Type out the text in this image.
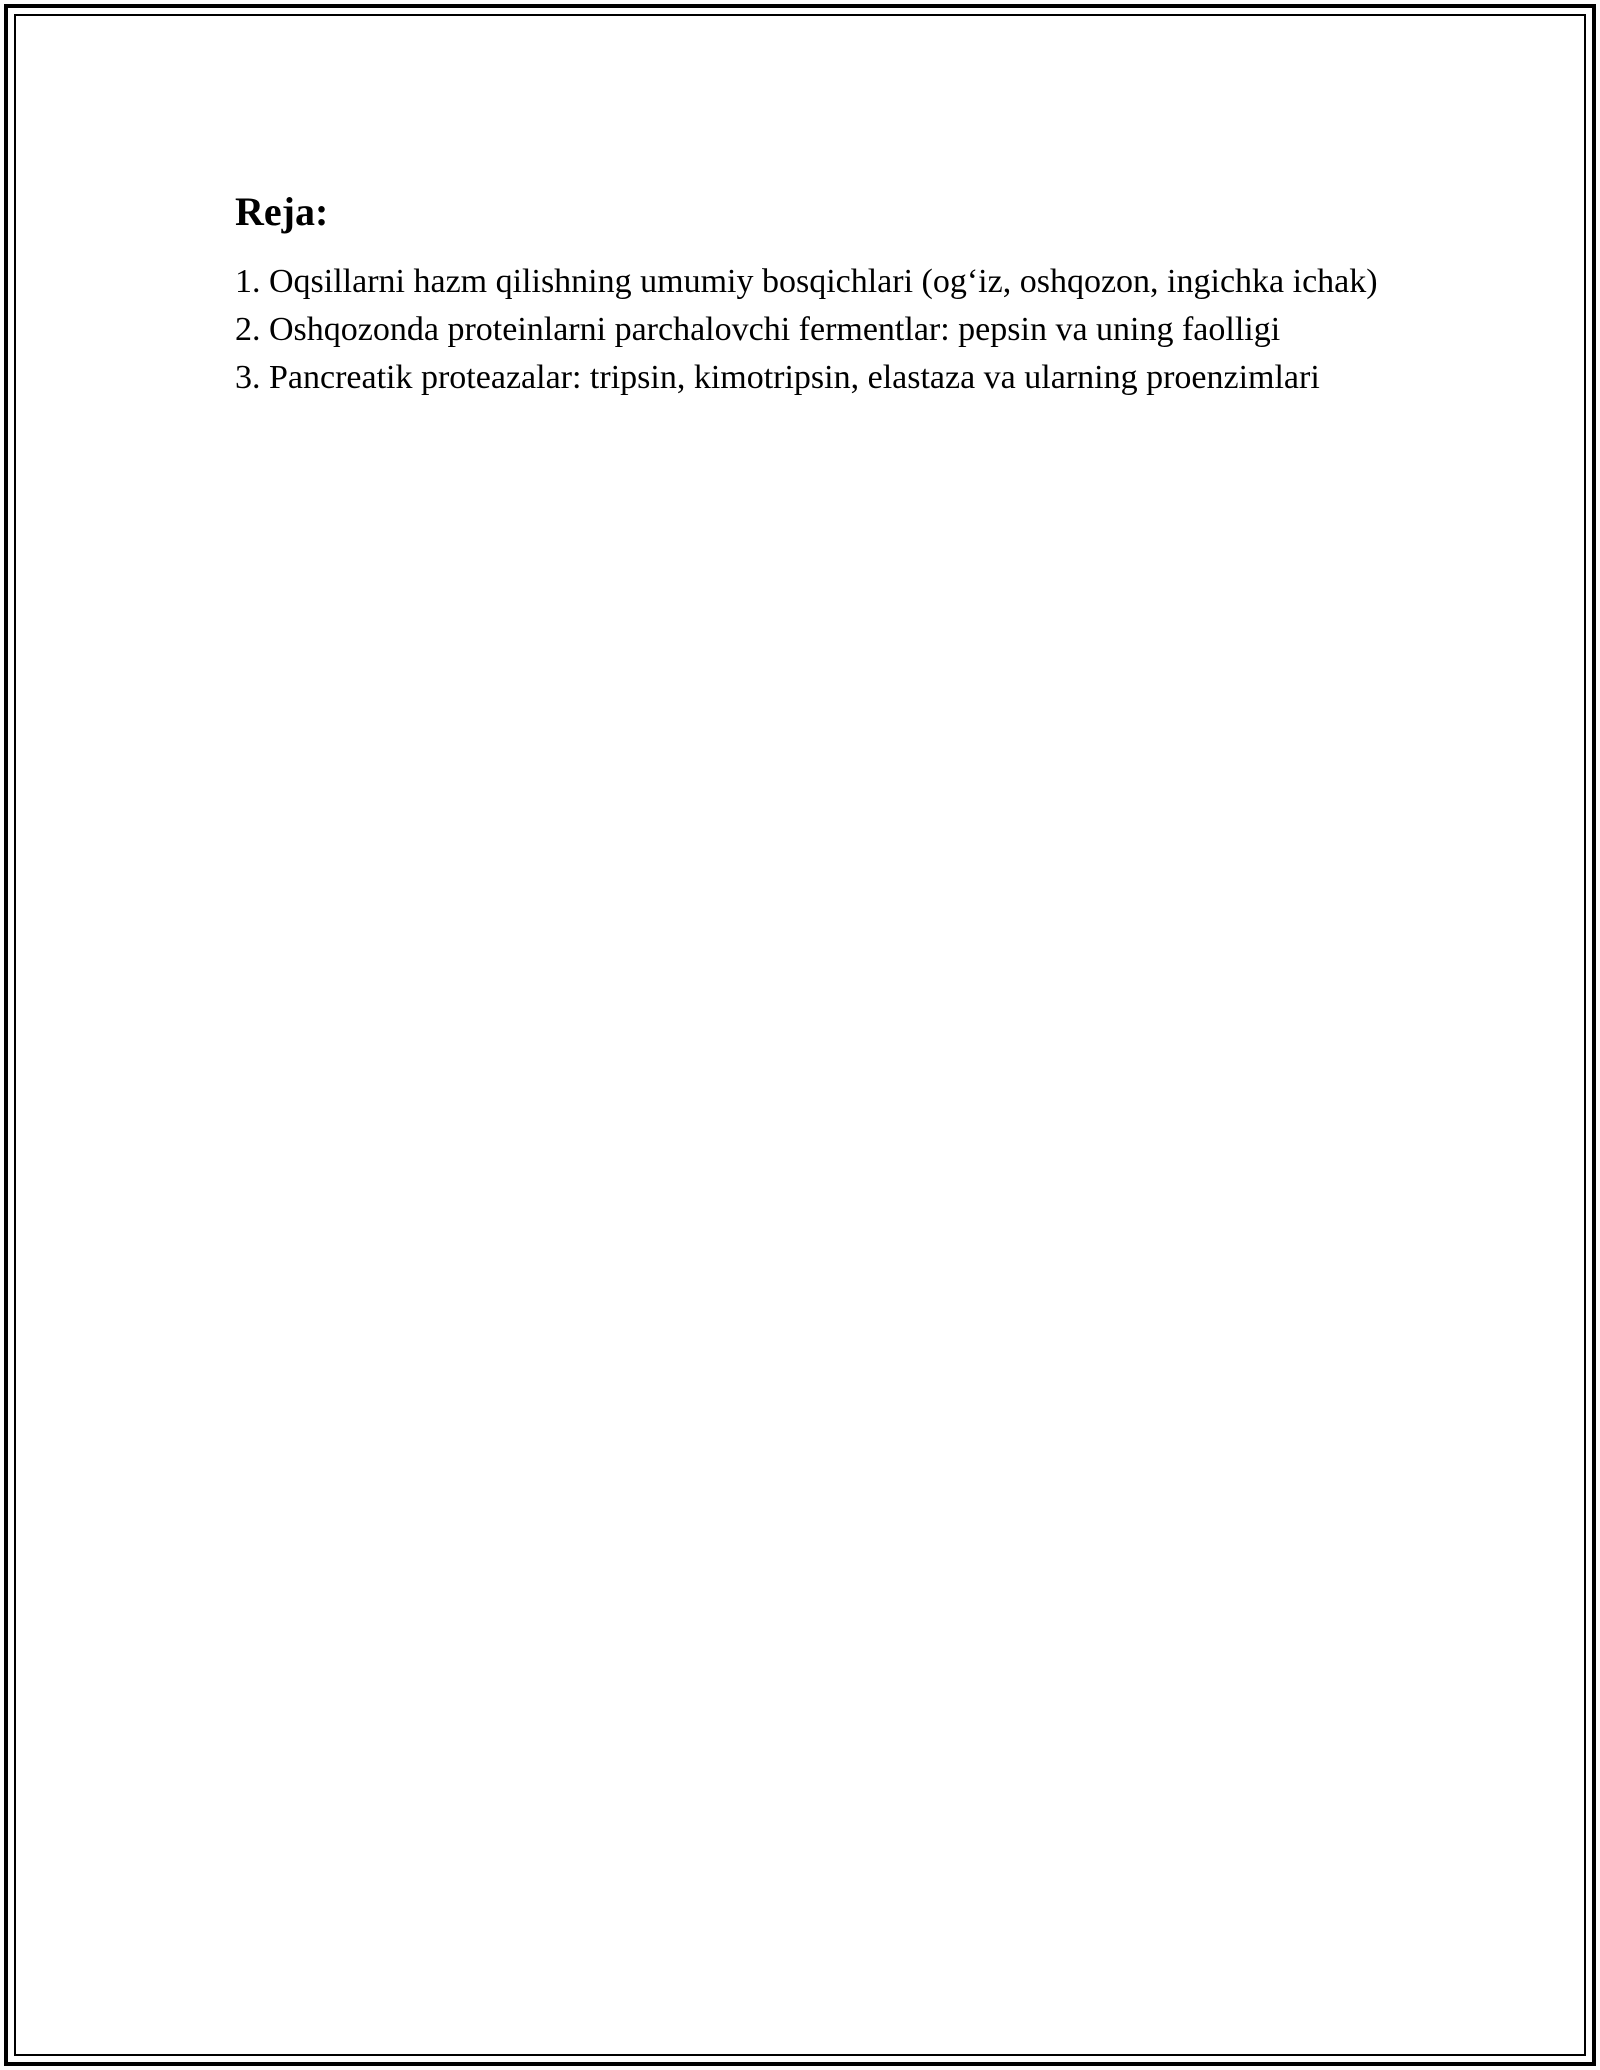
Reja:
1. Oqsillarni hazm qilishning umumiy bosqichlari (og‘iz, oshqozon, ingichka ichak)
2. Oshqozonda proteinlarni parchalovchi fermentlar: pepsin va uning faolligi
3. Pancreatik proteazalar: tripsin, kimotripsin, elastaza va ularning proenzimlari
